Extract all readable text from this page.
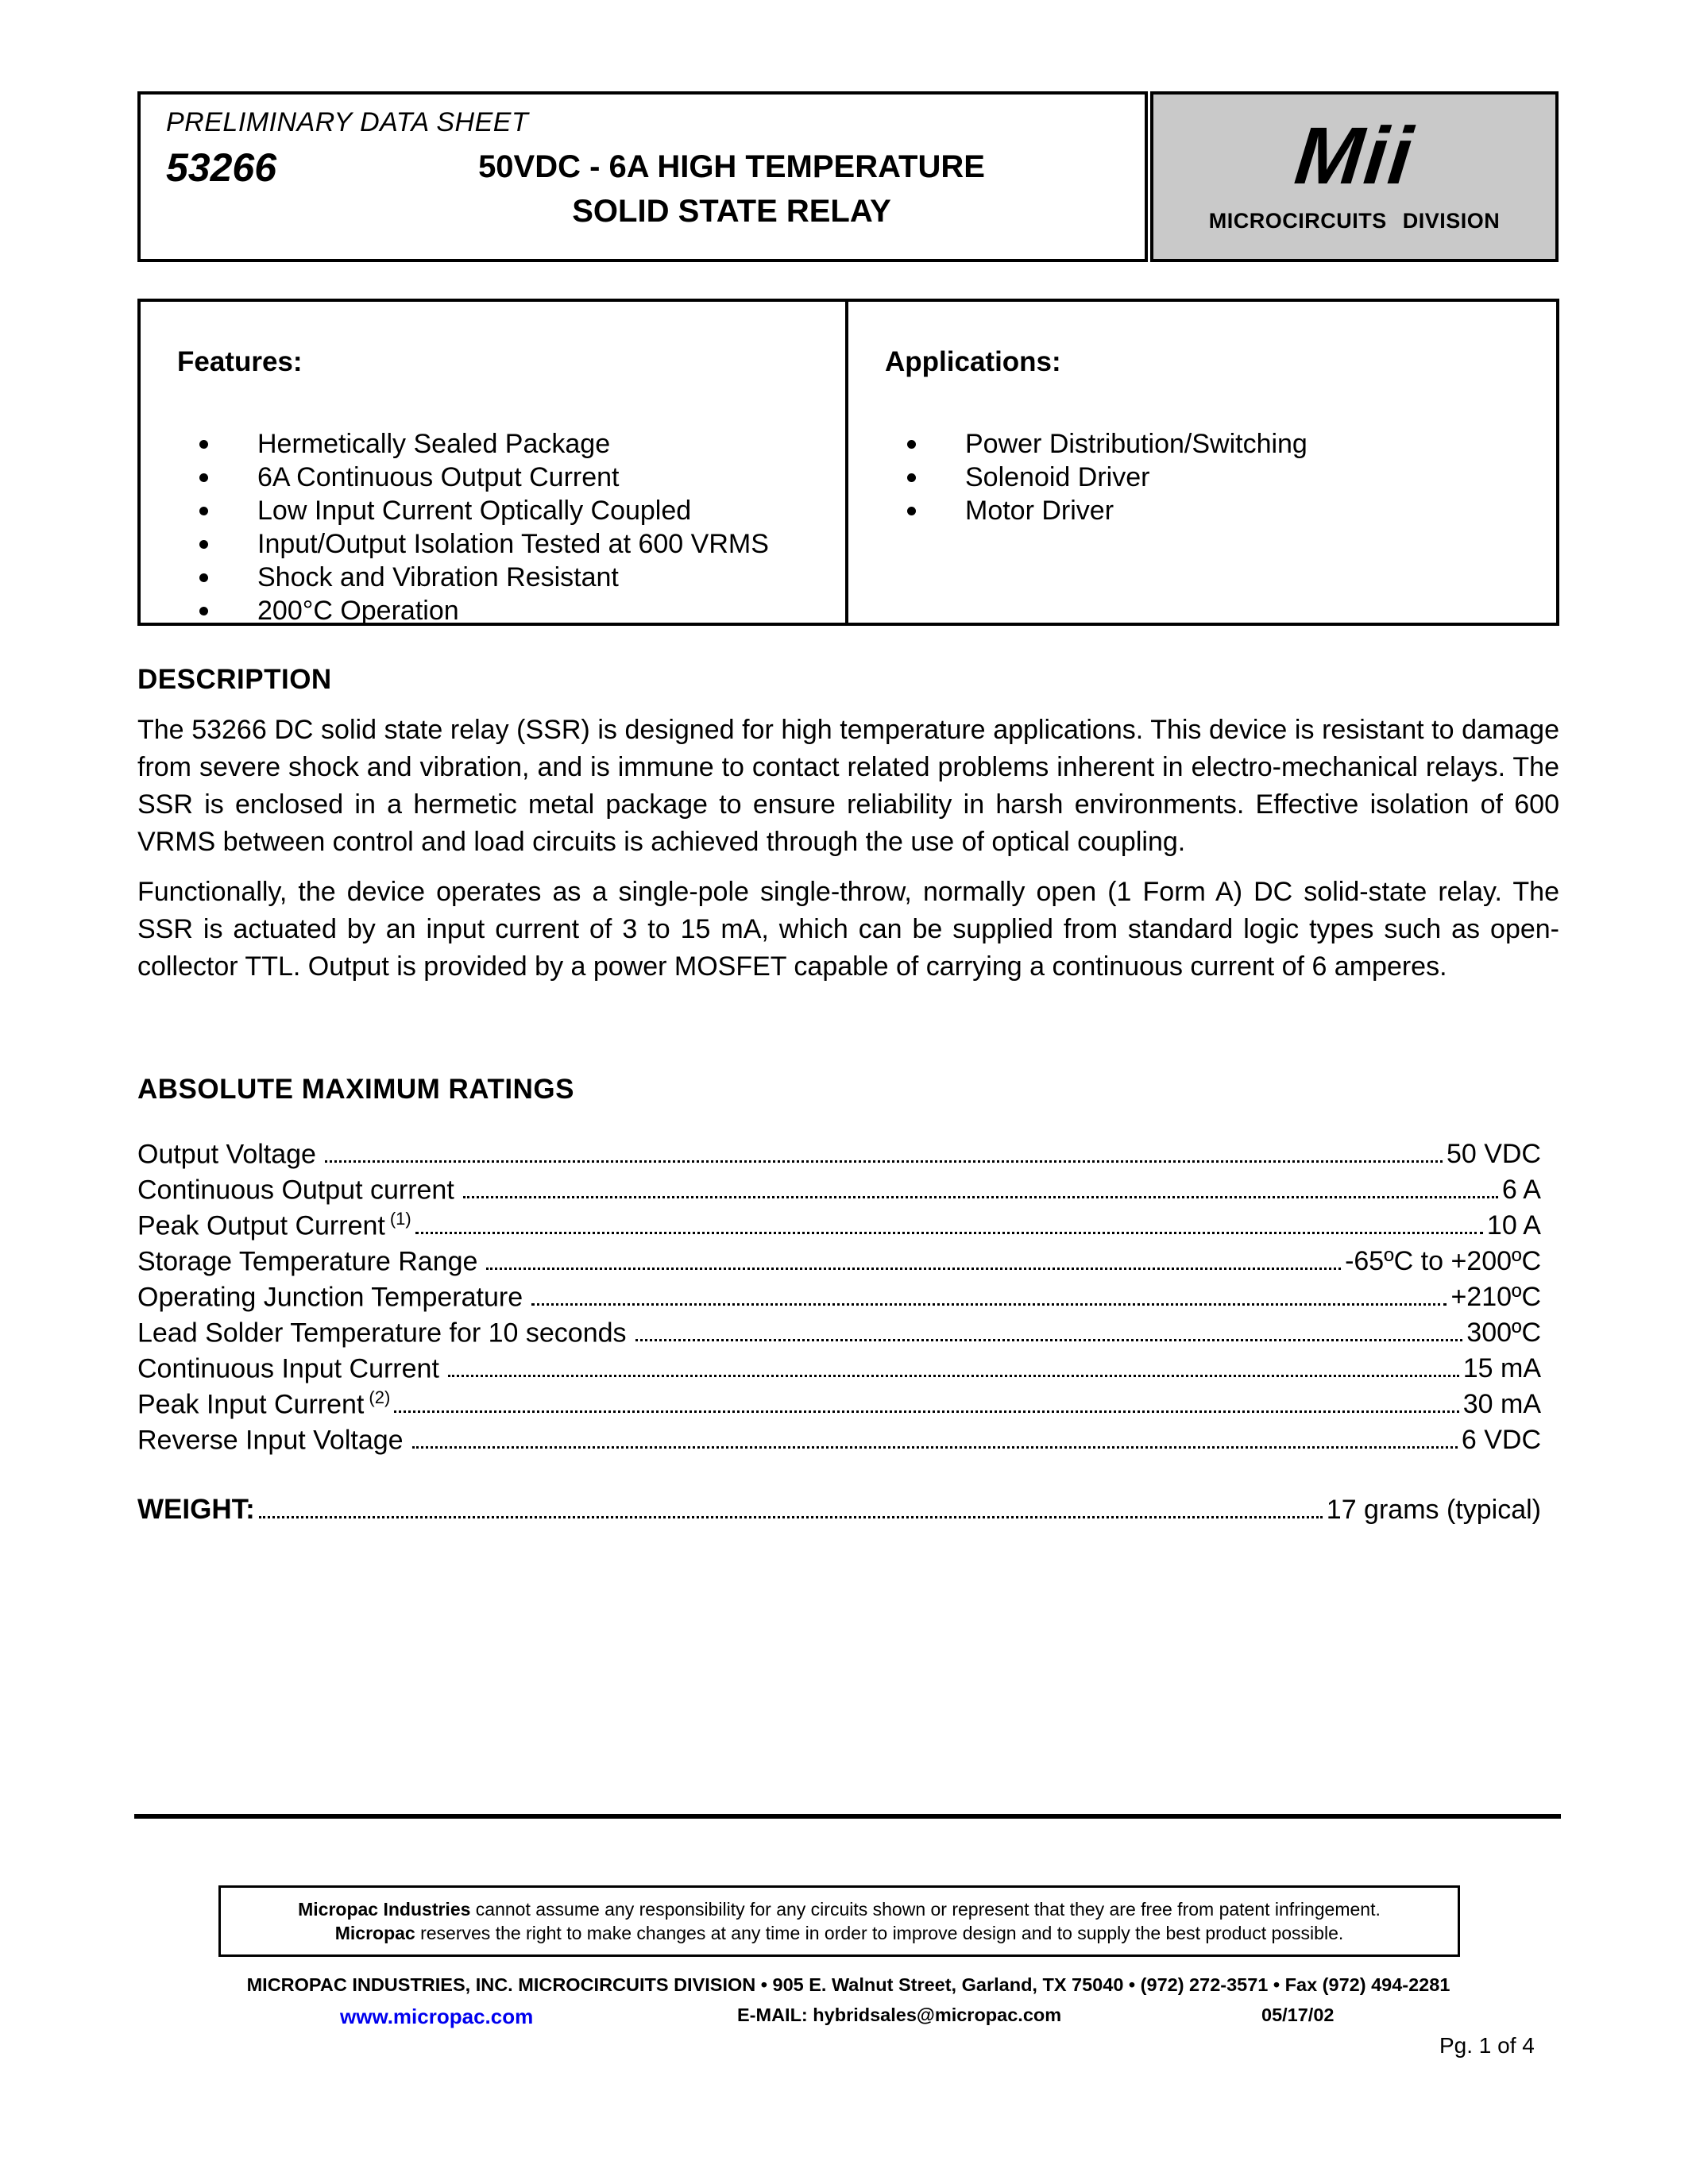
PRELIMINARY DATA SHEET
53266	50VDC - 6A HIGH TEMPERATURE
SOLID STATE RELAY
Mii
MICROCIRCUITS DIVISION
Features:
Hermetically Sealed Package
6A Continuous Output Current
Low Input Current Optically Coupled
Input/Output Isolation Tested at 600 VRMS
Shock and Vibration Resistant
200°C Operation
Applications:
Power Distribution/Switching
Solenoid Driver
Motor Driver
DESCRIPTION
The 53266 DC solid state relay (SSR) is designed for high temperature applications. This device is resistant to damage from severe shock and vibration, and is immune to contact related problems inherent in electro-mechanical relays. The SSR is enclosed in a hermetic metal package to ensure reliability in harsh environments. Effective isolation of 600 VRMS between control and load circuits is achieved through the use of optical coupling.
Functionally, the device operates as a single-pole single-throw, normally open (1 Form A) DC solid-state relay. The SSR is actuated by an input current of 3 to 15 mA, which can be supplied from standard logic types such as open-collector TTL. Output is provided by a power MOSFET capable of carrying a continuous current of 6 amperes.
ABSOLUTE MAXIMUM RATINGS
Output Voltage	50 VDC
Continuous Output current	6 A
Peak Output Current $^{(1)}$	10 A
Storage Temperature Range	-65ºC to +200ºC
Operating Junction Temperature	+210ºC
Lead Solder Temperature for 10 seconds	300ºC
Continuous Input Current	15 mA
Peak Input Current $^{(2)}$	30 mA
Reverse Input Voltage	6 VDC
WEIGHT:	17 grams (typical)
Micropac Industries cannot assume any responsibility for any circuits shown or represent that they are free from patent infringement.
Micropac reserves the right to make changes at any time in order to improve design and to supply the best product possible.
MICROPAC INDUSTRIES, INC. MICROCIRCUITS DIVISION • 905 E. Walnut Street, Garland, TX 75040 • (972) 272-3571 • Fax (972) 494-2281
www.micropac.com	E-MAIL: hybridsales@micropac.com	05/17/02
Pg. 1 of 4
